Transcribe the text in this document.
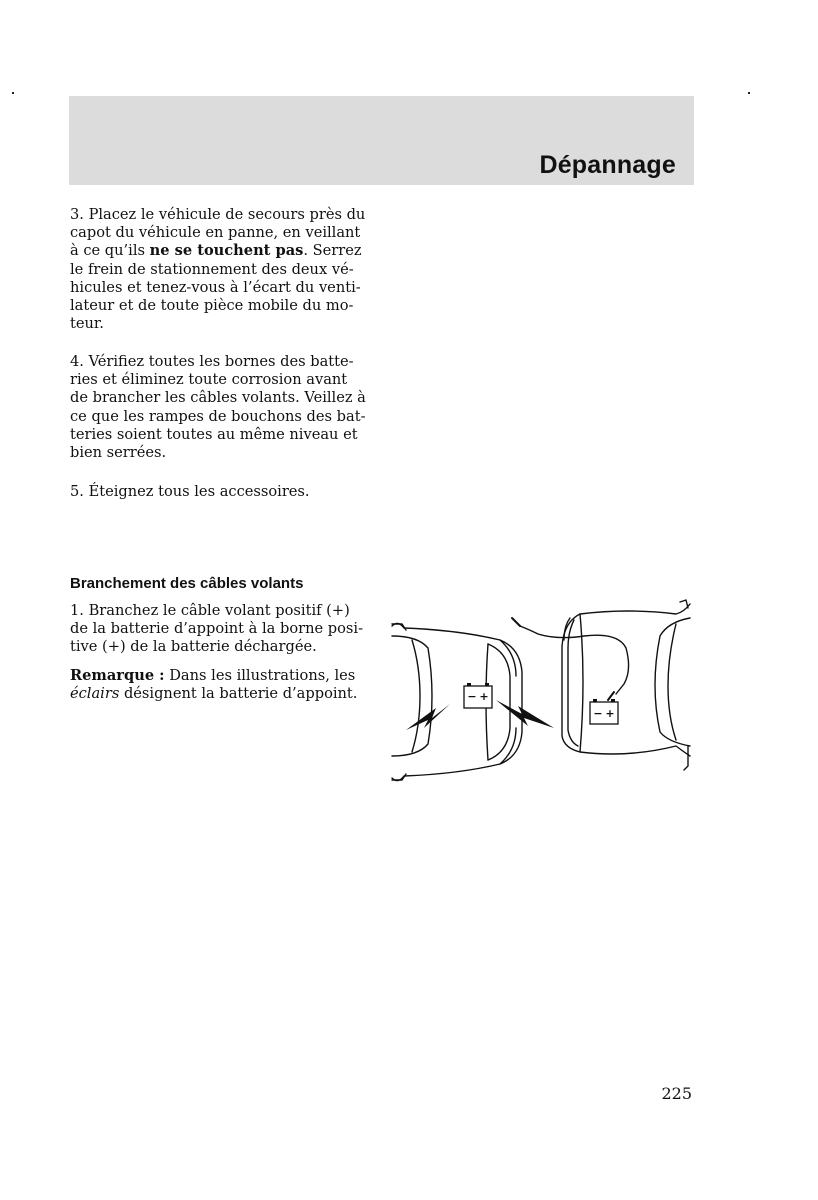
Dépannage

3. Placez le véhicule de secours près du
capot du véhicule en panne, en veillant
à ce qu’ils ne se touchent pas. Serrez
le frein de stationnement des deux vé-
hicules et tenez-vous à l’écart du venti-
lateur et de toute pièce mobile du mo-
teur.

4. Vérifiez toutes les bornes des batte-
ries et éliminez toute corrosion avant
de brancher les câbles volants. Veillez à
ce que les rampes de bouchons des bat-
teries soient toutes au même niveau et
bien serrées.

5. Éteignez tous les accessoires.

Branchement des câbles volants

1. Branchez le câble volant positif (+)
de la batterie d’appoint à la borne posi-
tive (+) de la batterie déchargée.

Remarque : Dans les illustrations, les
éclairs désignent la batterie d’appoint.	− +
− +

225
